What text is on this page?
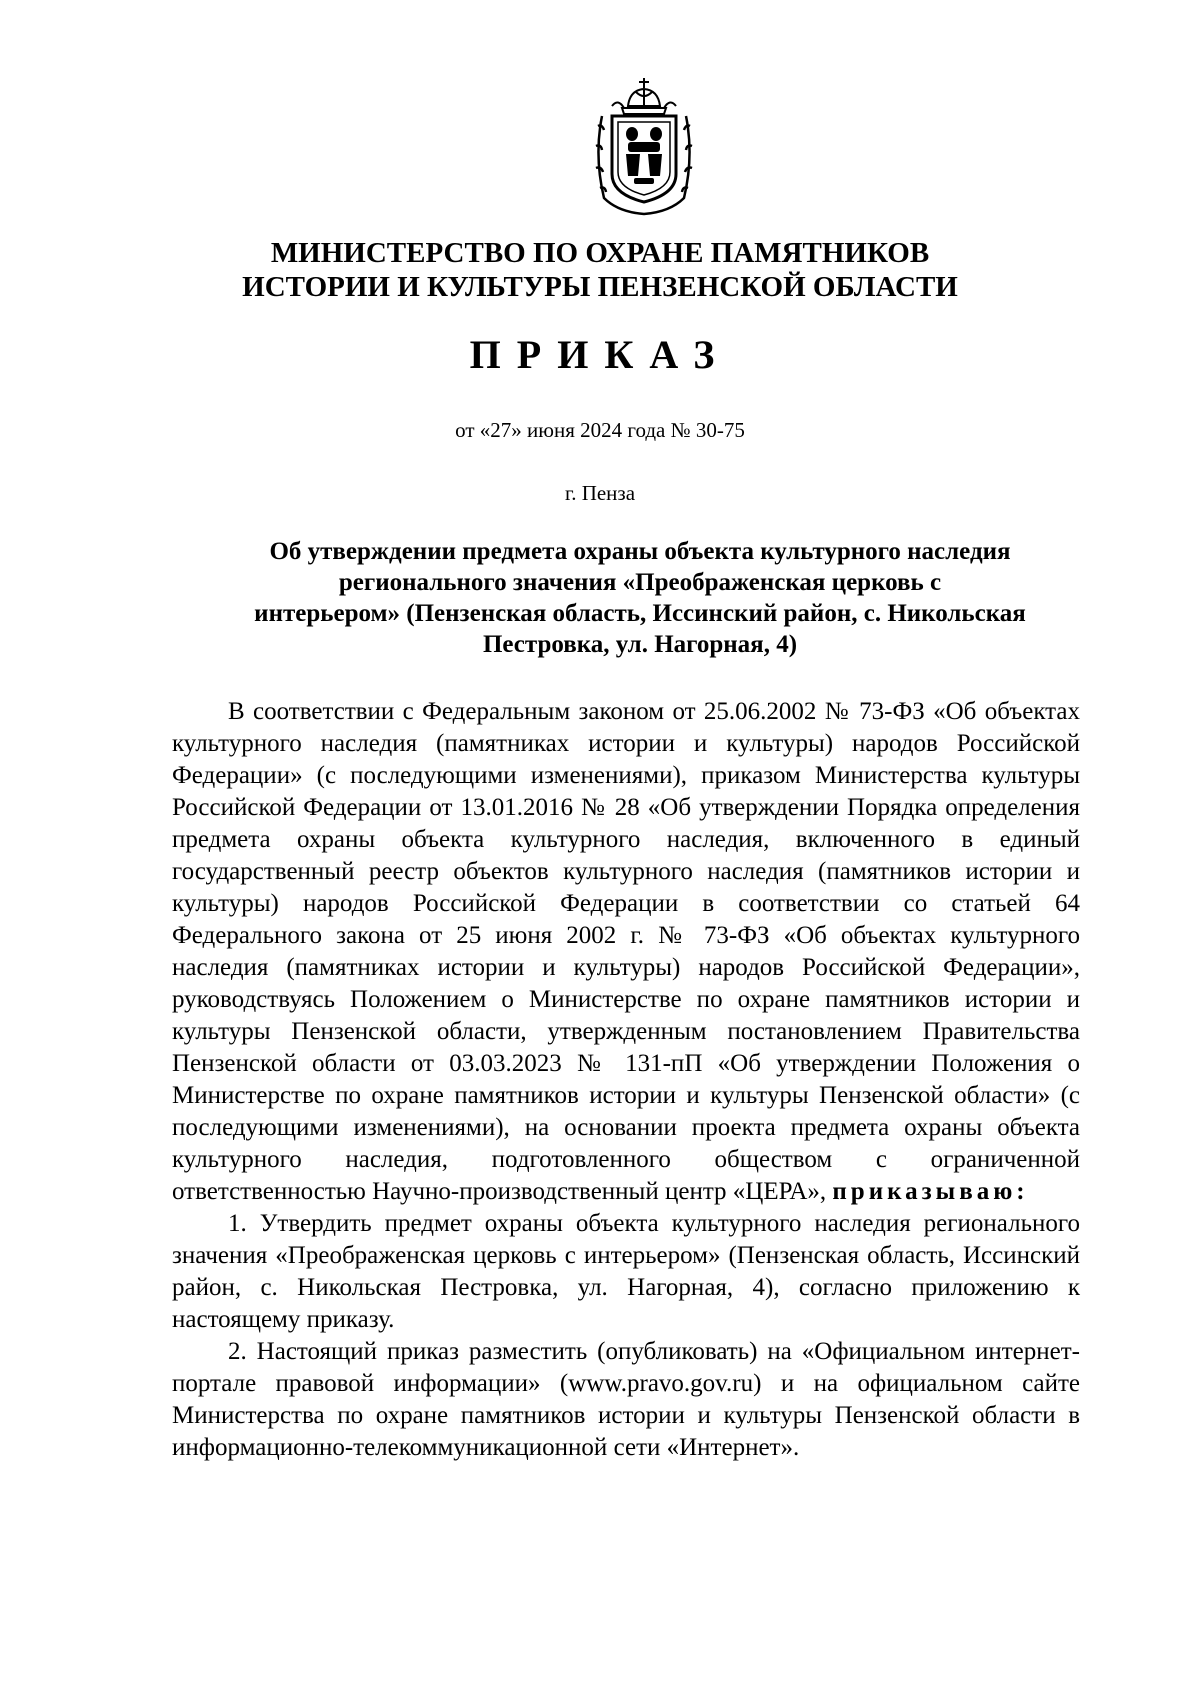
МИНИСТЕРСТВО ПО ОХРАНЕ ПАМЯТНИКОВ
ИСТОРИИ И КУЛЬТУРЫ ПЕНЗЕНСКОЙ ОБЛАСТИ
ПРИКАЗ
от «27» июня 2024 года № 30-75
г. Пенза
Об утверждении предмета охраны объекта культурного наследия
регионального значения «Преображенская церковь с
интерьером» (Пензенская область, Иссинский район, с. Никольская
Пестровка, ул. Нагорная, 4)

В соответствии с Федеральным законом от 25.06.2002 № 73-ФЗ «Об объектах культурного наследия (памятниках истории и культуры) народов Российской Федерации» (с последующими изменениями), приказом Министерства культуры Российской Федерации от 13.01.2016 № 28 «Об утверждении Порядка определения предмета охраны объекта культурного наследия, включенного в единый государственный реестр объектов культурного наследия (памятников истории и культуры) народов Российской Федерации в соответствии со статьей 64 Федерального закона от 25 июня 2002 г. № 73-ФЗ «Об объектах культурного наследия (памятниках истории и культуры) народов Российской Федерации», руководствуясь Положением о Министерстве по охране памятников истории и культуры Пензенской области, утвержденным постановлением Правительства Пензенской области от 03.03.2023 № 131-пП «Об утверждении Положения о Министерстве по охране памятников истории и культуры Пензенской области» (с последующими изменениями), на основании проекта предмета охраны объекта культурного наследия, подготовленного обществом с ограниченной ответственностью Научно-производственный центр «ЦЕРА», приказываю:

1. Утвердить предмет охраны объекта культурного наследия регионального значения «Преображенская церковь с интерьером» (Пензенская область, Иссинский район, с. Никольская Пестровка, ул. Нагорная, 4), согласно приложению к настоящему приказу.

2. Настоящий приказ разместить (опубликовать) на «Официальном интернет-портале правовой информации» (www.pravo.gov.ru) и на официальном сайте Министерства по охране памятников истории и культуры Пензенской области в информационно-телекоммуникационной сети «Интернет».
